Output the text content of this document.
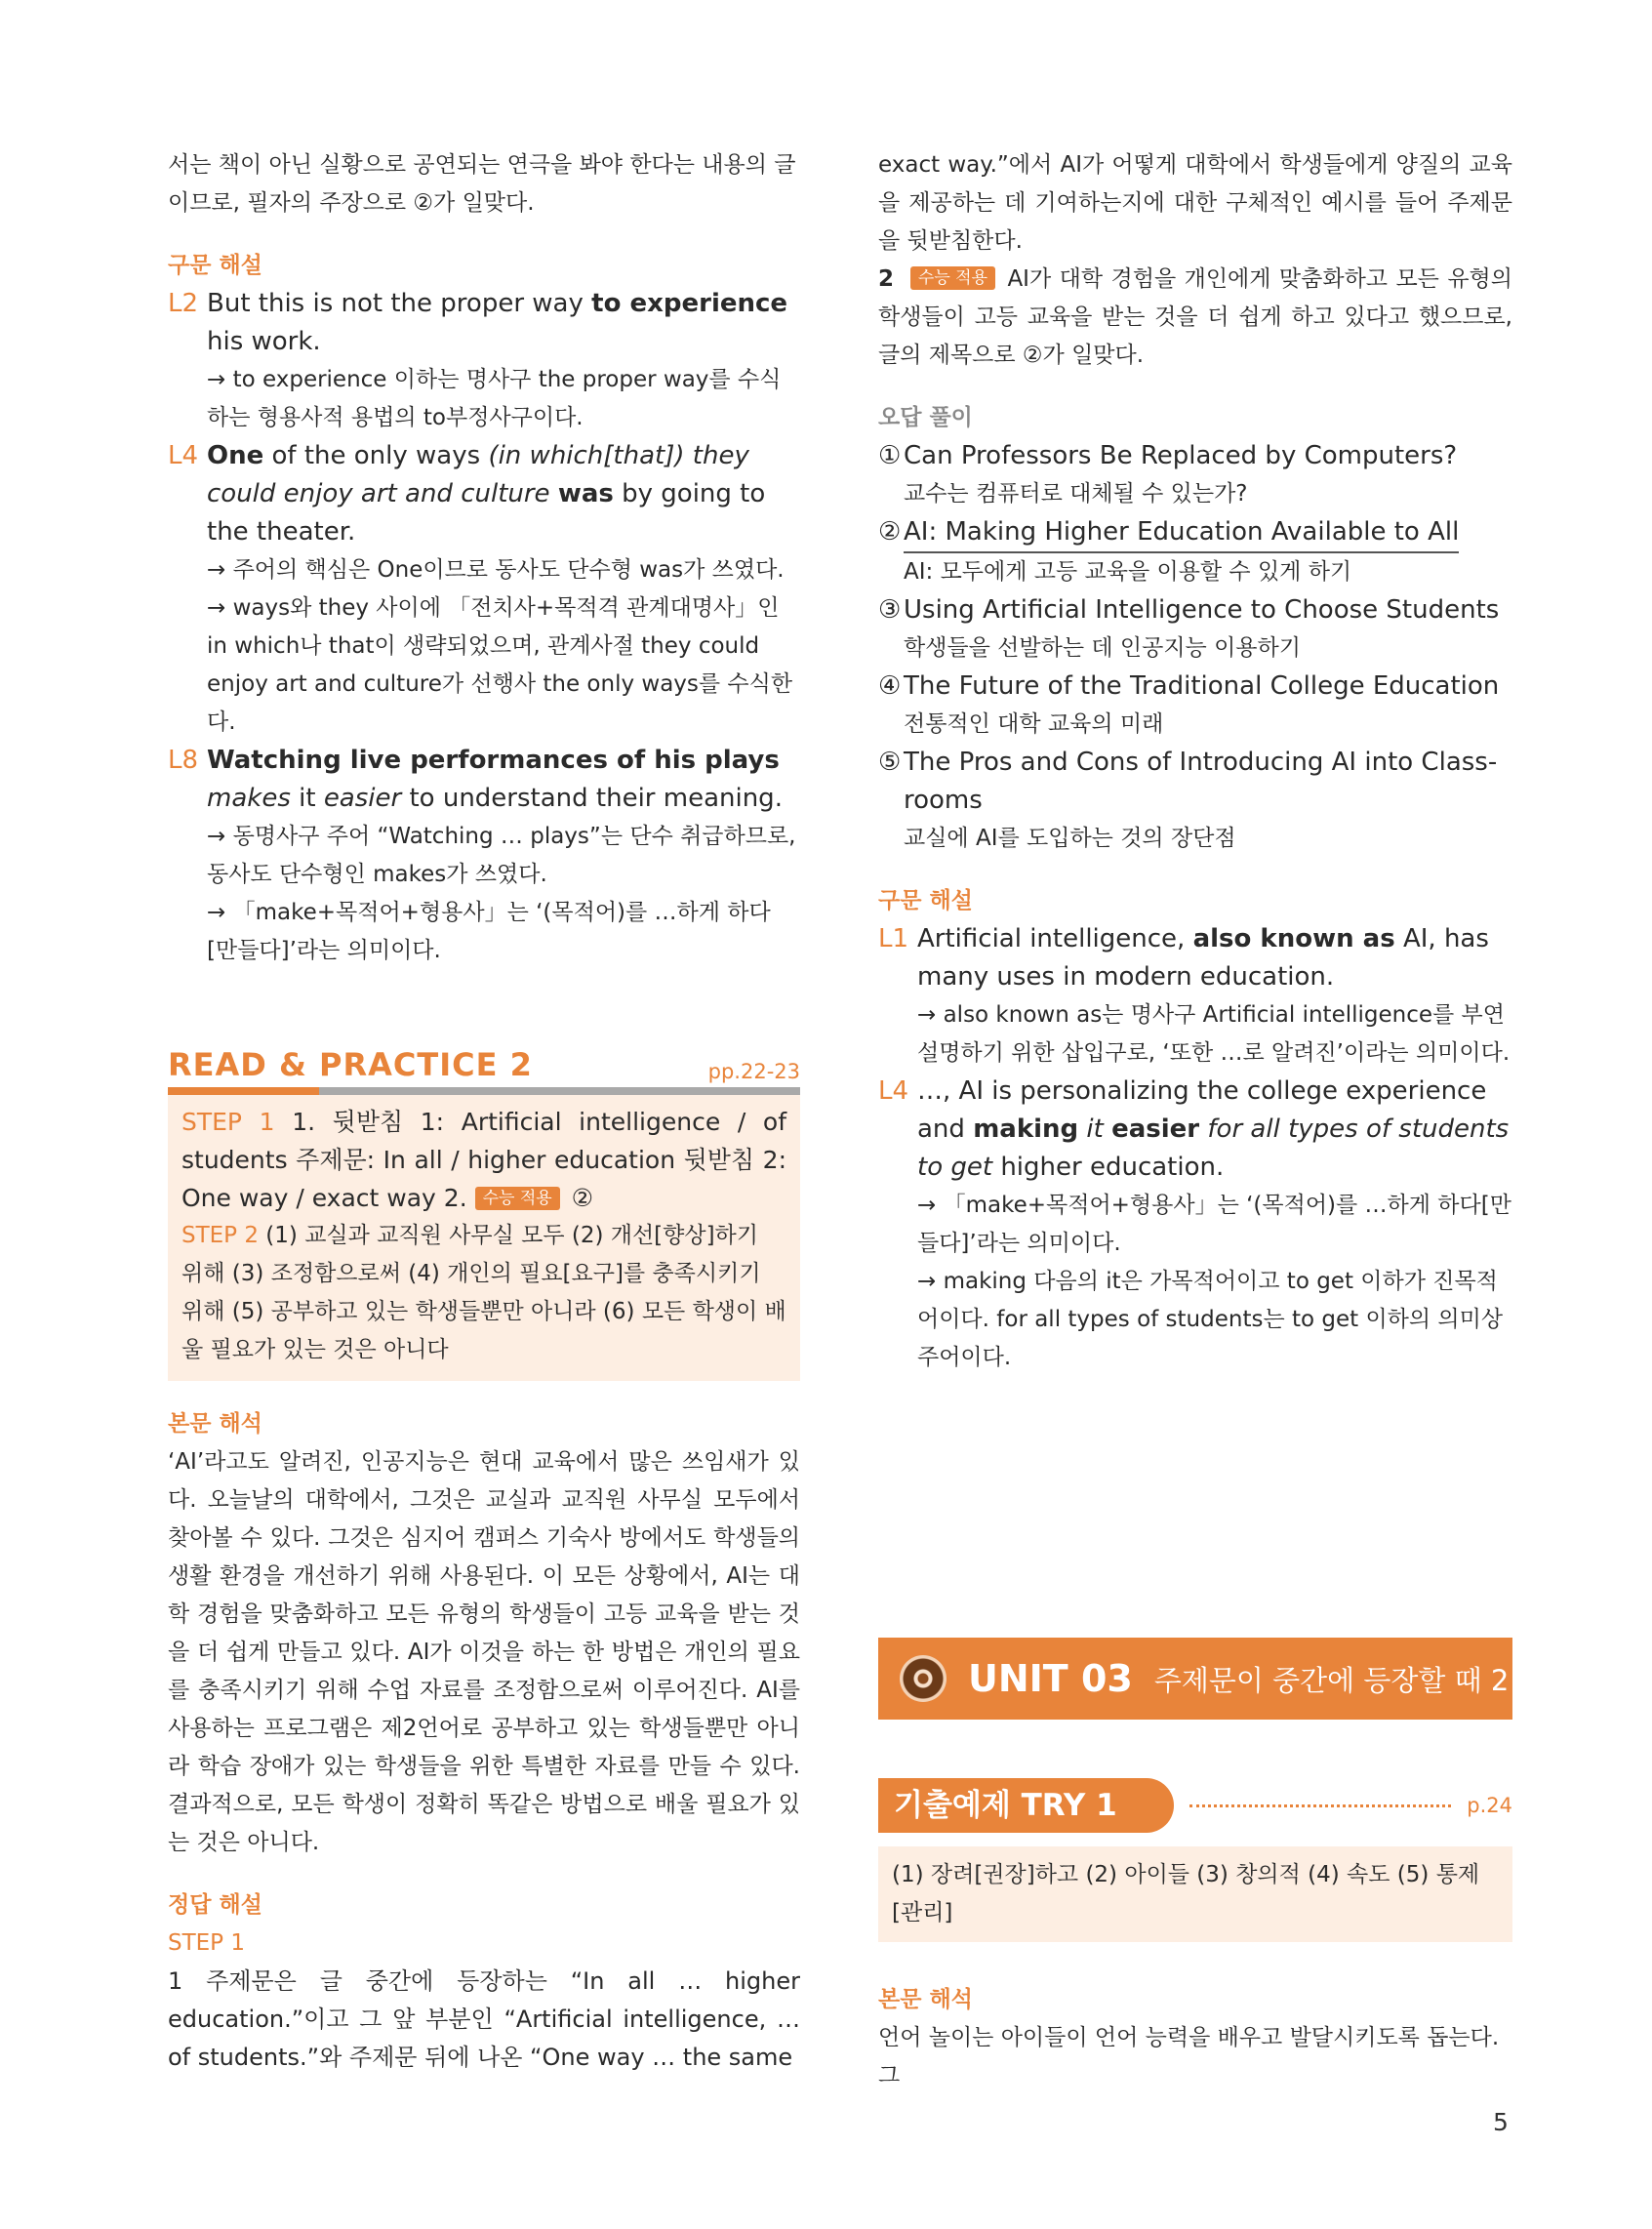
서는 책이 아닌 실황으로 공연되는 연극을 봐야 한다는 내용의 글이므로, 필자의 주장으로 ②가 일맞다.

구문 해설

L2 But this is not the proper way to experience his work.

→ to experience 이하는 명사구 the proper way를 수식하는 형용사적 용법의 to부정사구이다.

L4 One of the only ways (in which[that]) they could enjoy art and culture was by going to the theater.

→ 주어의 핵심은 One이므로 동사도 단수형 was가 쓰였다.

→ ways와 they 사이에 「전치사+목적격 관계대명사」인 in which나 that이 생략되었으며, 관계사절 they could enjoy art and culture가 선행사 the only ways를 수식한다.

L8 Watching live performances of his plays
makes it easier to understand their meaning.

→ 동명사구 주어 “Watching … plays”는 단수 취급하므로, 동사도 단수형인 makes가 쓰였다.

→ 「make+목적어+형용사」는 ‘(목적어)를 …하게 하다[만들다]’라는 의미이다.

READ & PRACTICE 2	pp.22-23

STEP 1 1. 뒷받침 1: Artificial intelligence / of students 주제문: In all / higher education 뒷받침 2: One way / exact way 2. 수능 적용 ②

STEP 2 (1) 교실과 교직원 사무실 모두 (2) 개선[향상]하기 위해 (3) 조정함으로써 (4) 개인의 필요[요구]를 충족시키기 위해 (5) 공부하고 있는 학생들뿐만 아니라 (6) 모든 학생이 배울 필요가 있는 것은 아니다

본문 해석

‘AI’라고도 알려진, 인공지능은 현대 교육에서 많은 쓰임새가 있다. 오늘날의 대학에서, 그것은 교실과 교직원 사무실 모두에서 찾아볼 수 있다. 그것은 심지어 캠퍼스 기숙사 방에서도 학생들의 생활 환경을 개선하기 위해 사용된다. 이 모든 상황에서, AI는 대학 경험을 맞춤화하고 모든 유형의 학생들이 고등 교육을 받는 것을 더 쉽게 만들고 있다. AI가 이것을 하는 한 방법은 개인의 필요를 충족시키기 위해 수업 자료를 조정함으로써 이루어진다. AI를 사용하는 프로그램은 제2언어로 공부하고 있는 학생들뿐만 아니라 학습 장애가 있는 학생들을 위한 특별한 자료를 만들 수 있다. 결과적으로, 모든 학생이 정확히 똑같은 방법으로 배울 필요가 있는 것은 아니다.

정답 해설

STEP 1

1 주제문은 글 중간에 등장하는 “In all … higher education.”이고 그 앞 부분인 “Artificial intelligence, … of students.”와 주제문 뒤에 나온 “One way … the same

exact way.”에서 AI가 어떻게 대학에서 학생들에게 양질의 교육을 제공하는 데 기여하는지에 대한 구체적인 예시를 들어 주제문을 뒷받침한다.

2 수능 적용 AI가 대학 경험을 개인에게 맞춤화하고 모든 유형의 학생들이 고등 교육을 받는 것을 더 쉽게 하고 있다고 했으므로, 글의 제목으로 ②가 일맞다.

오답 풀이

① Can Professors Be Replaced by Computers?

교수는 컴퓨터로 대체될 수 있는가?

② AI: Making Higher Education Available to All

AI: 모두에게 고등 교육을 이용할 수 있게 하기

③ Using Artificial Intelligence to Choose Students

학생들을 선발하는 데 인공지능 이용하기

④ The Future of the Traditional College Education

전통적인 대학 교육의 미래

⑤ The Pros and Cons of Introducing AI into Class-rooms

교실에 AI를 도입하는 것의 장단점

구문 해설

L1 Artificial intelligence, also known as AI, has many uses in modern education.

→ also known as는 명사구 Artificial intelligence를 부연 설명하기 위한 삽입구로, ‘또한 …로 알려진’이라는 의미이다.

L4 …, AI is personalizing the college experience and making it easier for all types of students to get higher education.

→ 「make+목적어+형용사」는 ‘(목적어)를 …하게 하다[만들다]’라는 의미이다.

→ making 다음의 it은 가목적어이고 to get 이하가 진목적어이다. for all types of students는 to get 이하의 의미상 주어이다.

UNIT 03 주제문이 중간에 등장할 때 2
기출예제 TRY 1	p.24

(1) 장려[권장]하고 (2) 아이들 (3) 창의적 (4) 속도 (5) 통제[관리]

본문 해석

언어 놀이는 아이들이 언어 능력을 배우고 발달시키도록 돕는다. 그

5
